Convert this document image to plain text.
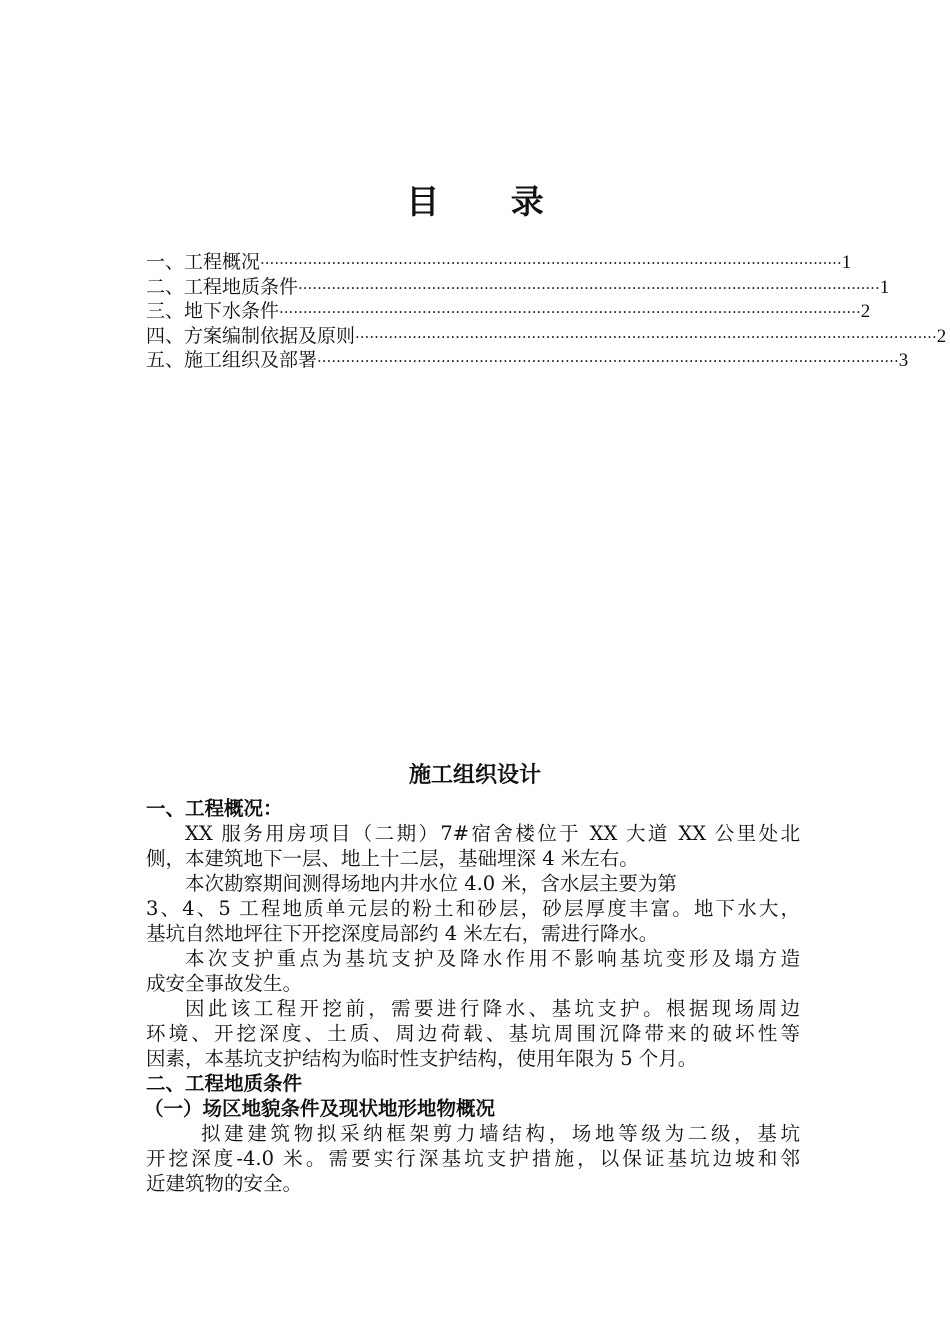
目 录
一、工程概况 ·························································································································· 1
二、工程地质条件 ·························································································································· 1
三、地下水条件 ·························································································································· 2
四、方案编制依据及原则 ·························································································································· 2
五、施工组织及部署 ·························································································································· 3
施工组织设计
一、工程概况：
XX 服务用房项目（二期）7#宿舍楼位于 XX 大道 XX 公里处北
侧，本建筑地下一层、地上十二层，基础埋深 4 米左右。
本次勘察期间测得场地内井水位 4.0 米，含水层主要为第
3、4、5 工程地质单元层的粉土和砂层，砂层厚度丰富。地下水大，
基坑自然地坪往下开挖深度局部约 4 米左右，需进行降水。
本次支护重点为基坑支护及降水作用不影响基坑变形及塌方造
成安全事故发生。
因此该工程开挖前，需要进行降水、基坑支护。根据现场周边
环境、开挖深度、土质、周边荷载、基坑周围沉降带来的破坏性等
因素，本基坑支护结构为临时性支护结构，使用年限为 5 个月。
二、工程地质条件
（一）场区地貌条件及现状地形地物概况
拟建建筑物拟采纳框架剪力墙结构，场地等级为二级，基坑
开挖深度-4.0 米。需要实行深基坑支护措施，以保证基坑边坡和邻
近建筑物的安全。
